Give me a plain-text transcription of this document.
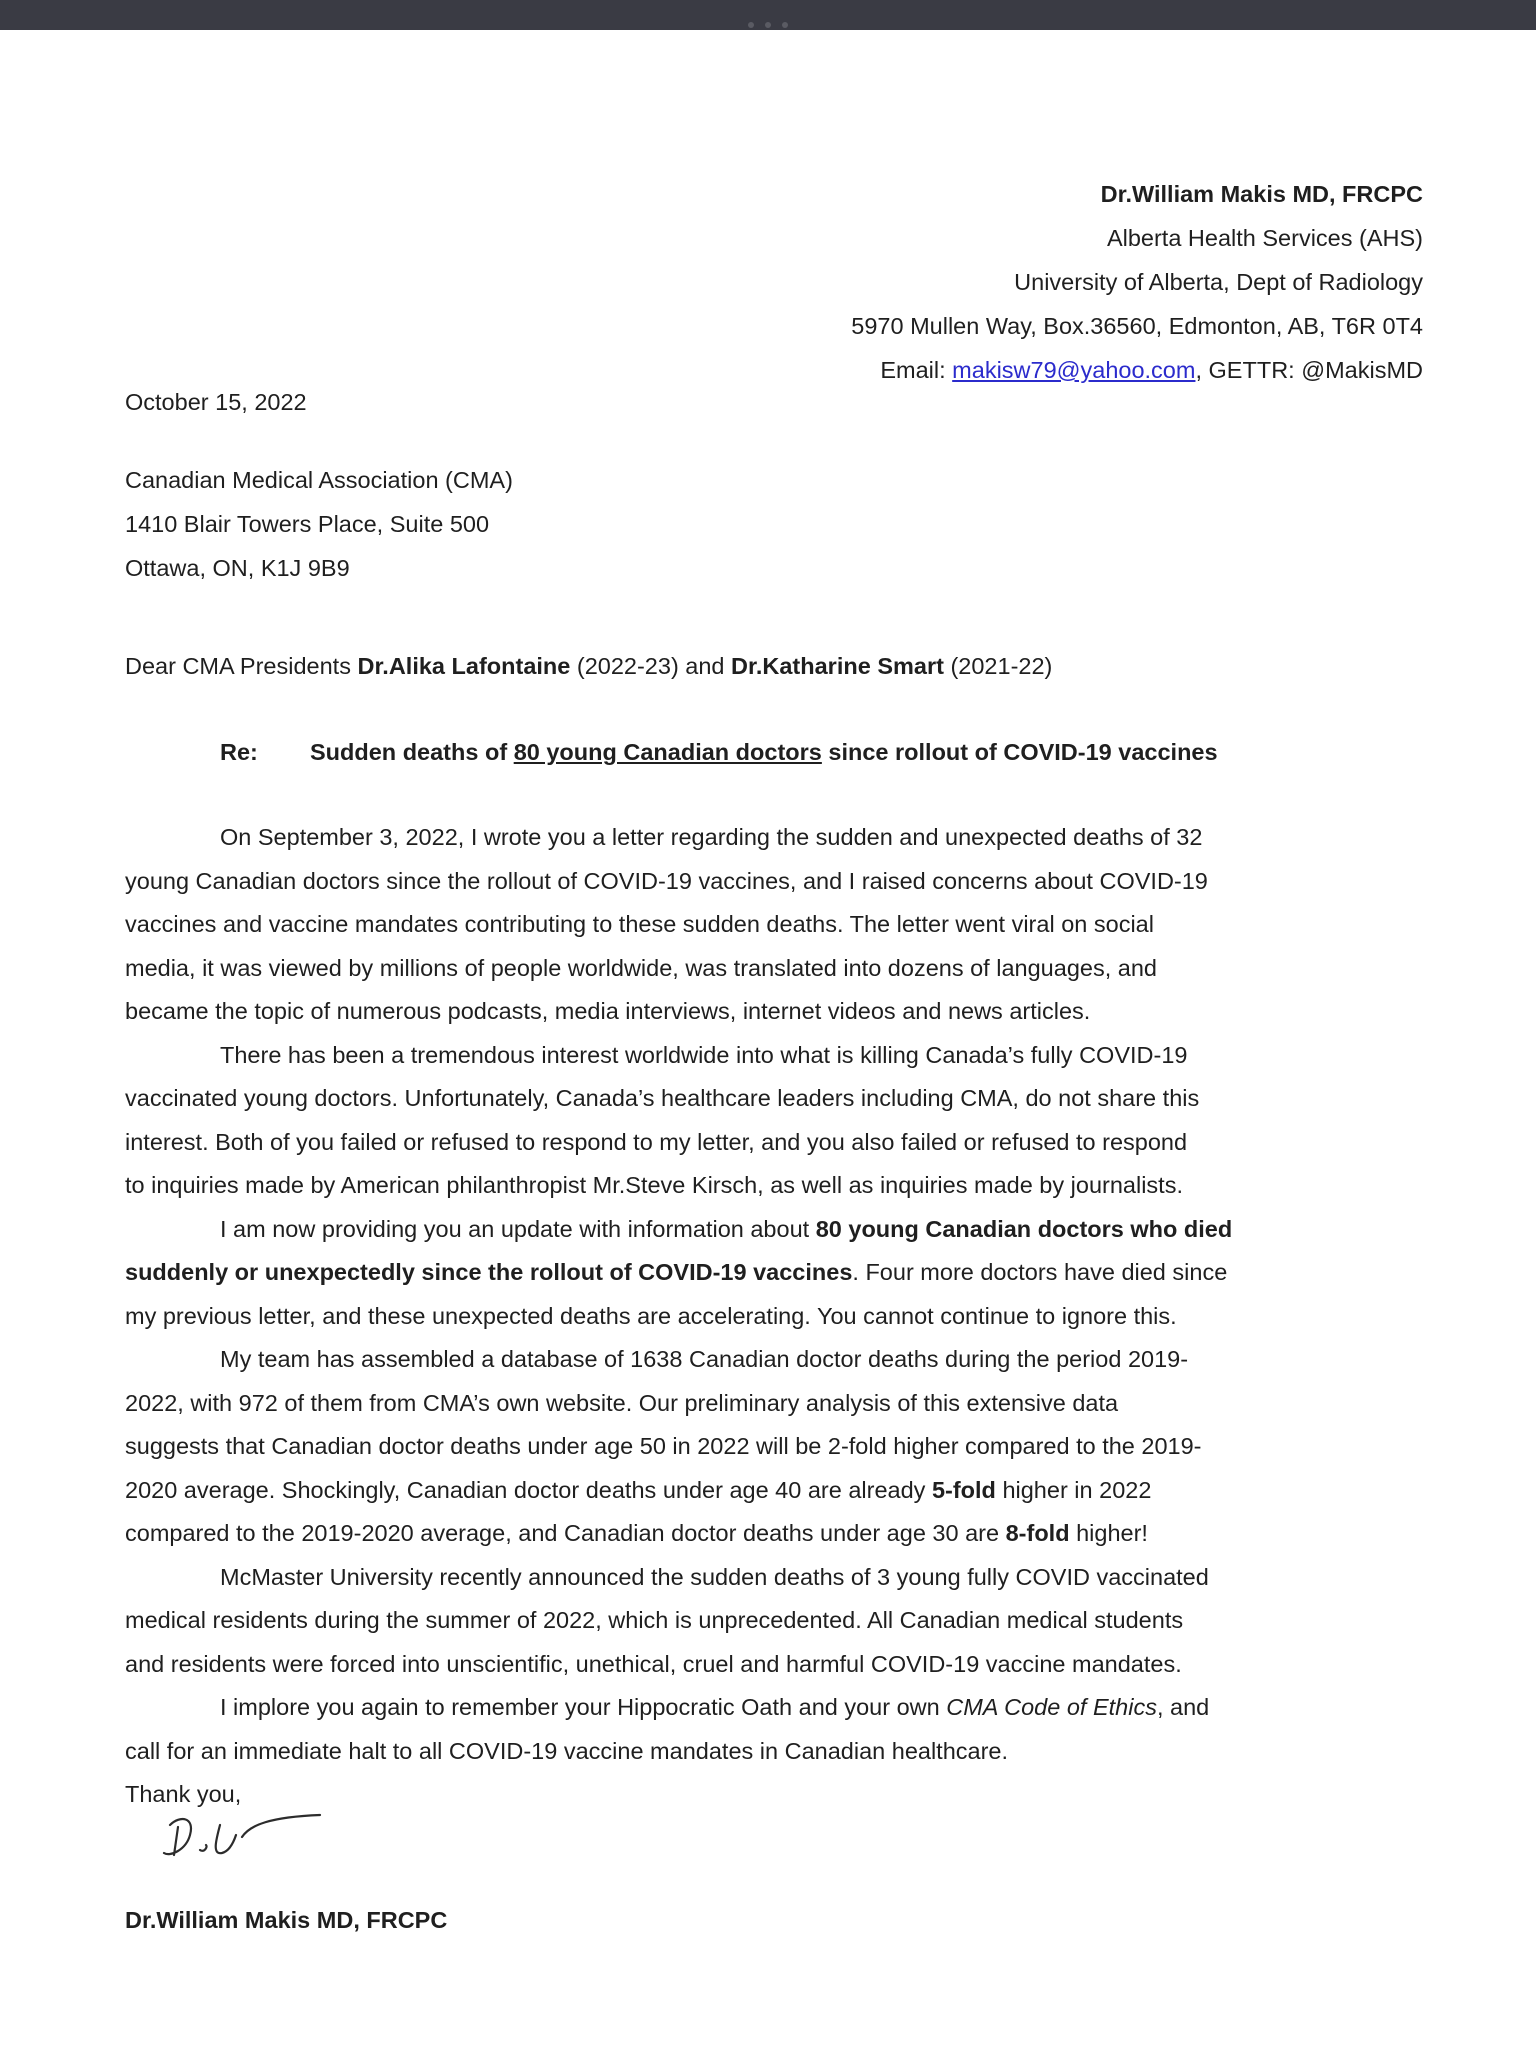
Dr.William Makis MD, FRCPC
Alberta Health Services (AHS)
University of Alberta, Dept of Radiology
5970 Mullen Way, Box.36560, Edmonton, AB, T6R 0T4
Email: makisw79@yahoo.com, GETTR: @MakisMD
October 15, 2022
Canadian Medical Association (CMA)
1410 Blair Towers Place, Suite 500
Ottawa, ON, K1J 9B9
Dear CMA Presidents Dr.Alika Lafontaine (2022-23) and Dr.Katharine Smart (2021-22)
Re: Sudden deaths of 80 young Canadian doctors since rollout of COVID-19 vaccines
On September 3, 2022, I wrote you a letter regarding the sudden and unexpected deaths of 32
young Canadian doctors since the rollout of COVID-19 vaccines, and I raised concerns about COVID-19
vaccines and vaccine mandates contributing to these sudden deaths. The letter went viral on social
media, it was viewed by millions of people worldwide, was translated into dozens of languages, and
became the topic of numerous podcasts, media interviews, internet videos and news articles.
There has been a tremendous interest worldwide into what is killing Canada’s fully COVID-19
vaccinated young doctors. Unfortunately, Canada’s healthcare leaders including CMA, do not share this
interest. Both of you failed or refused to respond to my letter, and you also failed or refused to respond
to inquiries made by American philanthropist Mr.Steve Kirsch, as well as inquiries made by journalists.
I am now providing you an update with information about 80 young Canadian doctors who died
suddenly or unexpectedly since the rollout of COVID-19 vaccines. Four more doctors have died since
my previous letter, and these unexpected deaths are accelerating. You cannot continue to ignore this.
My team has assembled a database of 1638 Canadian doctor deaths during the period 2019-
2022, with 972 of them from CMA’s own website. Our preliminary analysis of this extensive data
suggests that Canadian doctor deaths under age 50 in 2022 will be 2-fold higher compared to the 2019-
2020 average. Shockingly, Canadian doctor deaths under age 40 are already 5-fold higher in 2022
compared to the 2019-2020 average, and Canadian doctor deaths under age 30 are 8-fold higher!
McMaster University recently announced the sudden deaths of 3 young fully COVID vaccinated
medical residents during the summer of 2022, which is unprecedented. All Canadian medical students
and residents were forced into unscientific, unethical, cruel and harmful COVID-19 vaccine mandates.
I implore you again to remember your Hippocratic Oath and your own CMA Code of Ethics, and
call for an immediate halt to all COVID-19 vaccine mandates in Canadian healthcare.
Thank you,
Dr.William Makis MD, FRCPC
